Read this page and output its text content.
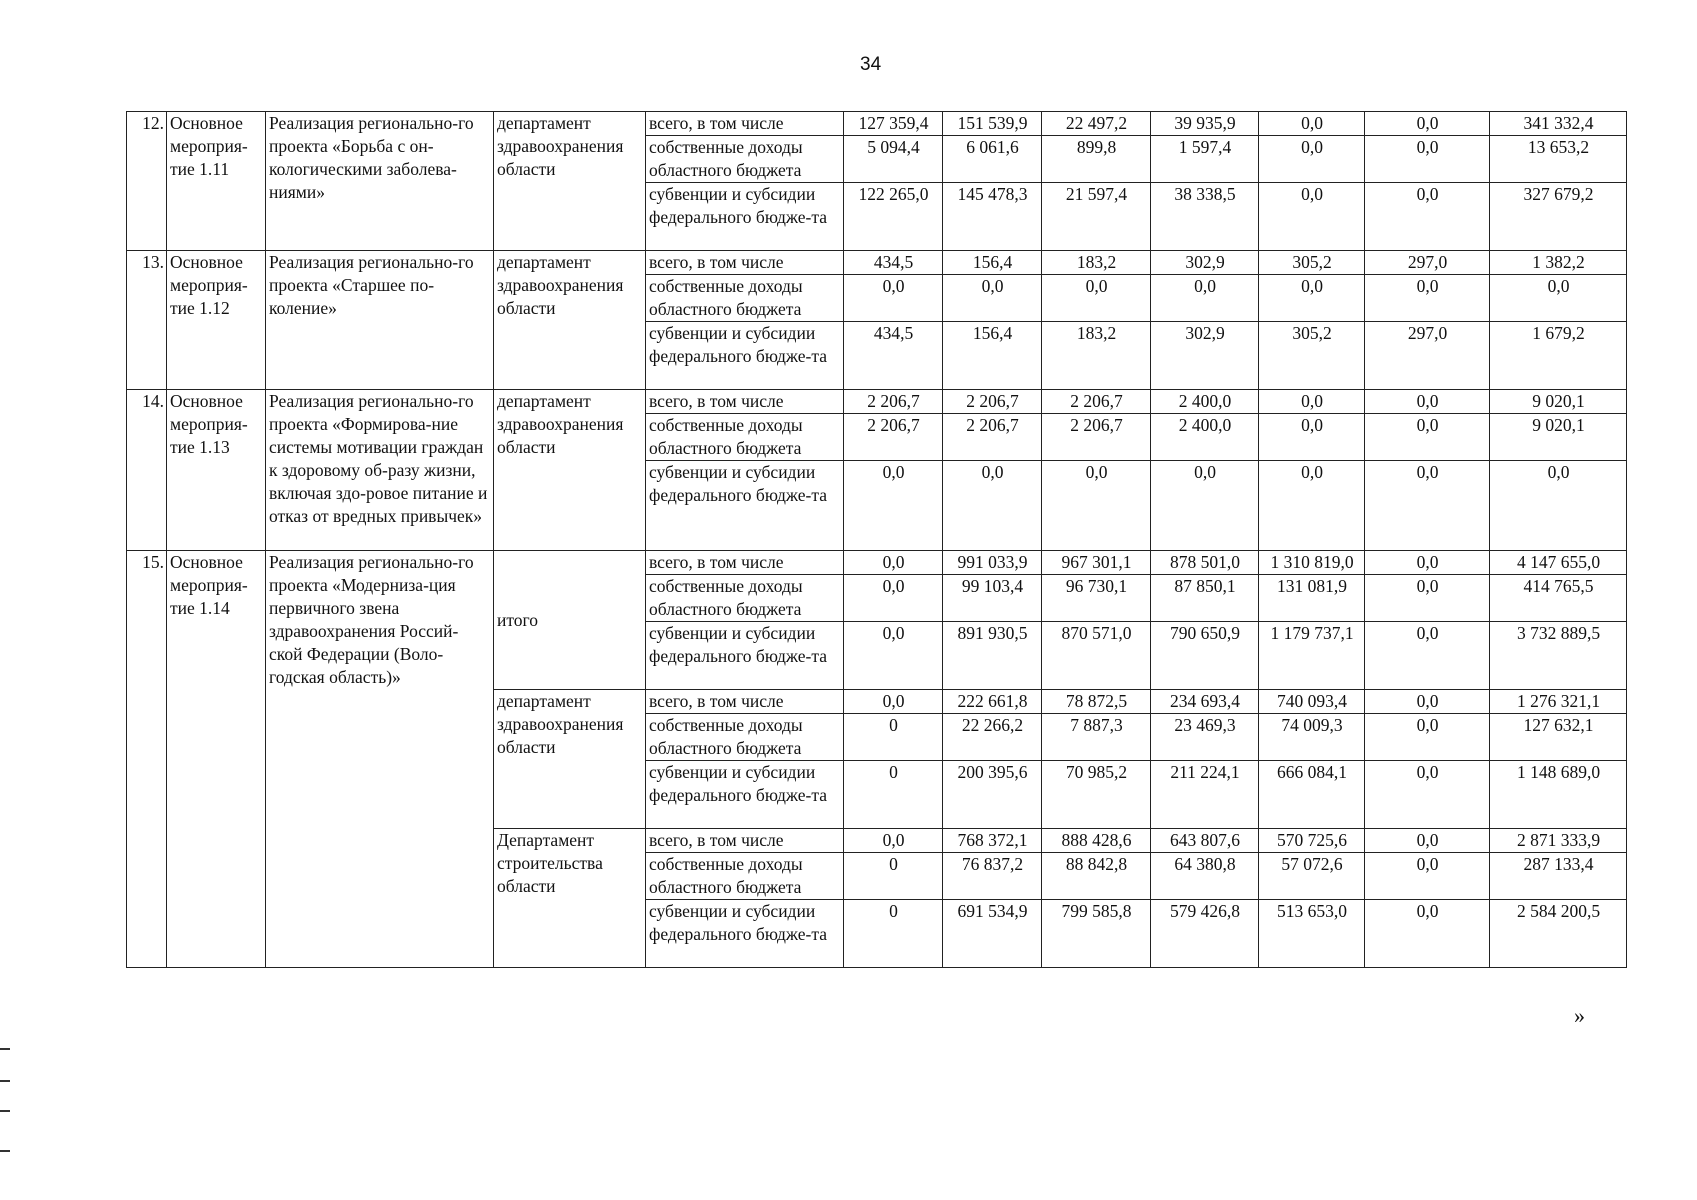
34
12.	Основное мероприя-тие 1.11	Реализация регионально-го проекта «Борьба с он-кологическими заболева-ниями»	департамент здравоохранения области	всего, в том числе	127 359,4	151 539,9	22 497,2	39 935,9	0,0	0,0	341 332,4
				собственные доходы областного бюджета	5 094,4	6 061,6	899,8	1 597,4	0,0	0,0	13 653,2
				субвенции и субсидии федерального бюдже-та	122 265,0	145 478,3	21 597,4	38 338,5	0,0	0,0	327 679,2
13.	Основное мероприя-тие 1.12	Реализация регионально-го проекта «Старшее по-коление»	департамент здравоохранения области	всего, в том числе	434,5	156,4	183,2	302,9	305,2	297,0	1 382,2
				собственные доходы областного бюджета	0,0	0,0	0,0	0,0	0,0	0,0	0,0
				субвенции и субсидии федерального бюдже-та	434,5	156,4	183,2	302,9	305,2	297,0	1 679,2
14.	Основное мероприя-тие 1.13	Реализация регионально-го проекта «Формирова-ние системы мотивации граждан к здоровому об-разу жизни, включая здо-ровое питание и отказ от вредных привычек»	департамент здравоохранения области	всего, в том числе	2 206,7	2 206,7	2 206,7	2 400,0	0,0	0,0	9 020,1
				собственные доходы областного бюджета	2 206,7	2 206,7	2 206,7	2 400,0	0,0	0,0	9 020,1
				субвенции и субсидии федерального бюдже-та	0,0	0,0	0,0	0,0	0,0	0,0	0,0
15.	Основное мероприя-тие 1.14	Реализация регионально-го проекта «Модерниза-ция первичного звена здравоохранения Россий-ской Федерации (Воло-годская область)»	итого	всего, в том числе	0,0	991 033,9	967 301,1	878 501,0	1 310 819,0	0,0	4 147 655,0
				собственные доходы областного бюджета	0,0	99 103,4	96 730,1	87 850,1	131 081,9	0,0	414 765,5
				субвенции и субсидии федерального бюдже-та	0,0	891 930,5	870 571,0	790 650,9	1 179 737,1	0,0	3 732 889,5
			департамент здравоохранения области	всего, в том числе	0,0	222 661,8	78 872,5	234 693,4	740 093,4	0,0	1 276 321,1
				собственные доходы областного бюджета	0	22 266,2	7 887,3	23 469,3	74 009,3	0,0	127 632,1
				субвенции и субсидии федерального бюдже-та	0	200 395,6	70 985,2	211 224,1	666 084,1	0,0	1 148 689,0
			Департамент строительства области	всего, в том числе	0,0	768 372,1	888 428,6	643 807,6	570 725,6	0,0	2 871 333,9
				собственные доходы областного бюджета	0	76 837,2	88 842,8	64 380,8	57 072,6	0,0	287 133,4
				субвенции и субсидии федерального бюдже-та	0	691 534,9	799 585,8	579 426,8	513 653,0	0,0	2 584 200,5
»
